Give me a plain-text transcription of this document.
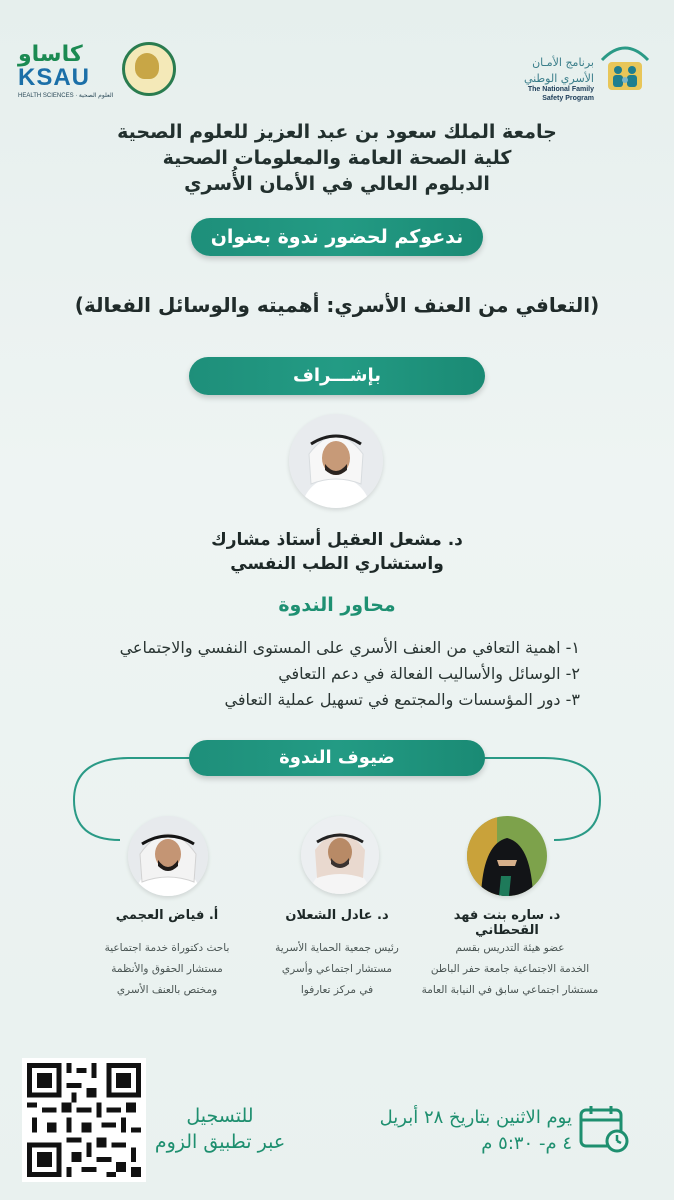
كاساو
KSAU
HEALTH SCIENCES · العلوم الصحية
برنامج الأمـان
الأسري الوطني
The National Family
Safety Program
جامعة الملك سعود بن عبد العزيز للعلوم الصحية
كلية الصحة العامة والمعلومات الصحية
الدبلوم العالي في الأمان الأُسري
ندعوكم لحضور ندوة بعنوان
(التعافي من العنف الأسري: أهميته والوسائل الفعالة)
بإشـــراف
د. مشعل العقيل أستاذ مشارك
واستشاري الطب النفسي
محاور الندوة
١- اهمية التعافي من العنف الأسري على المستوى النفسي والاجتماعي
٢- الوسائل والأساليب الفعالة في دعم التعافي
٣- دور المؤسسات والمجتمع في تسهيل عملية التعافي
ضيوف الندوة
د. ساره بنت فهد القحطاني
عضو هيئة التدريس بقسم
الخدمة الاجتماعية جامعة حفر الباطن
مستشار اجتماعي سابق في النيابة العامة
د. عادل الشعلان
رئيس جمعية الحماية الأسرية
مستشار اجتماعي وأسري
في مركز تعارفوا
أ. فياض العجمي
باحث دكتوراة خدمة اجتماعية
مستشار الحقوق والأنظمة
ومختص بالعنف الأسري
للتسجيل
عبر تطبيق الزوم
يوم الاثنين بتاريخ ٢٨ أبريل
٤ م- ٥:٣٠ م
